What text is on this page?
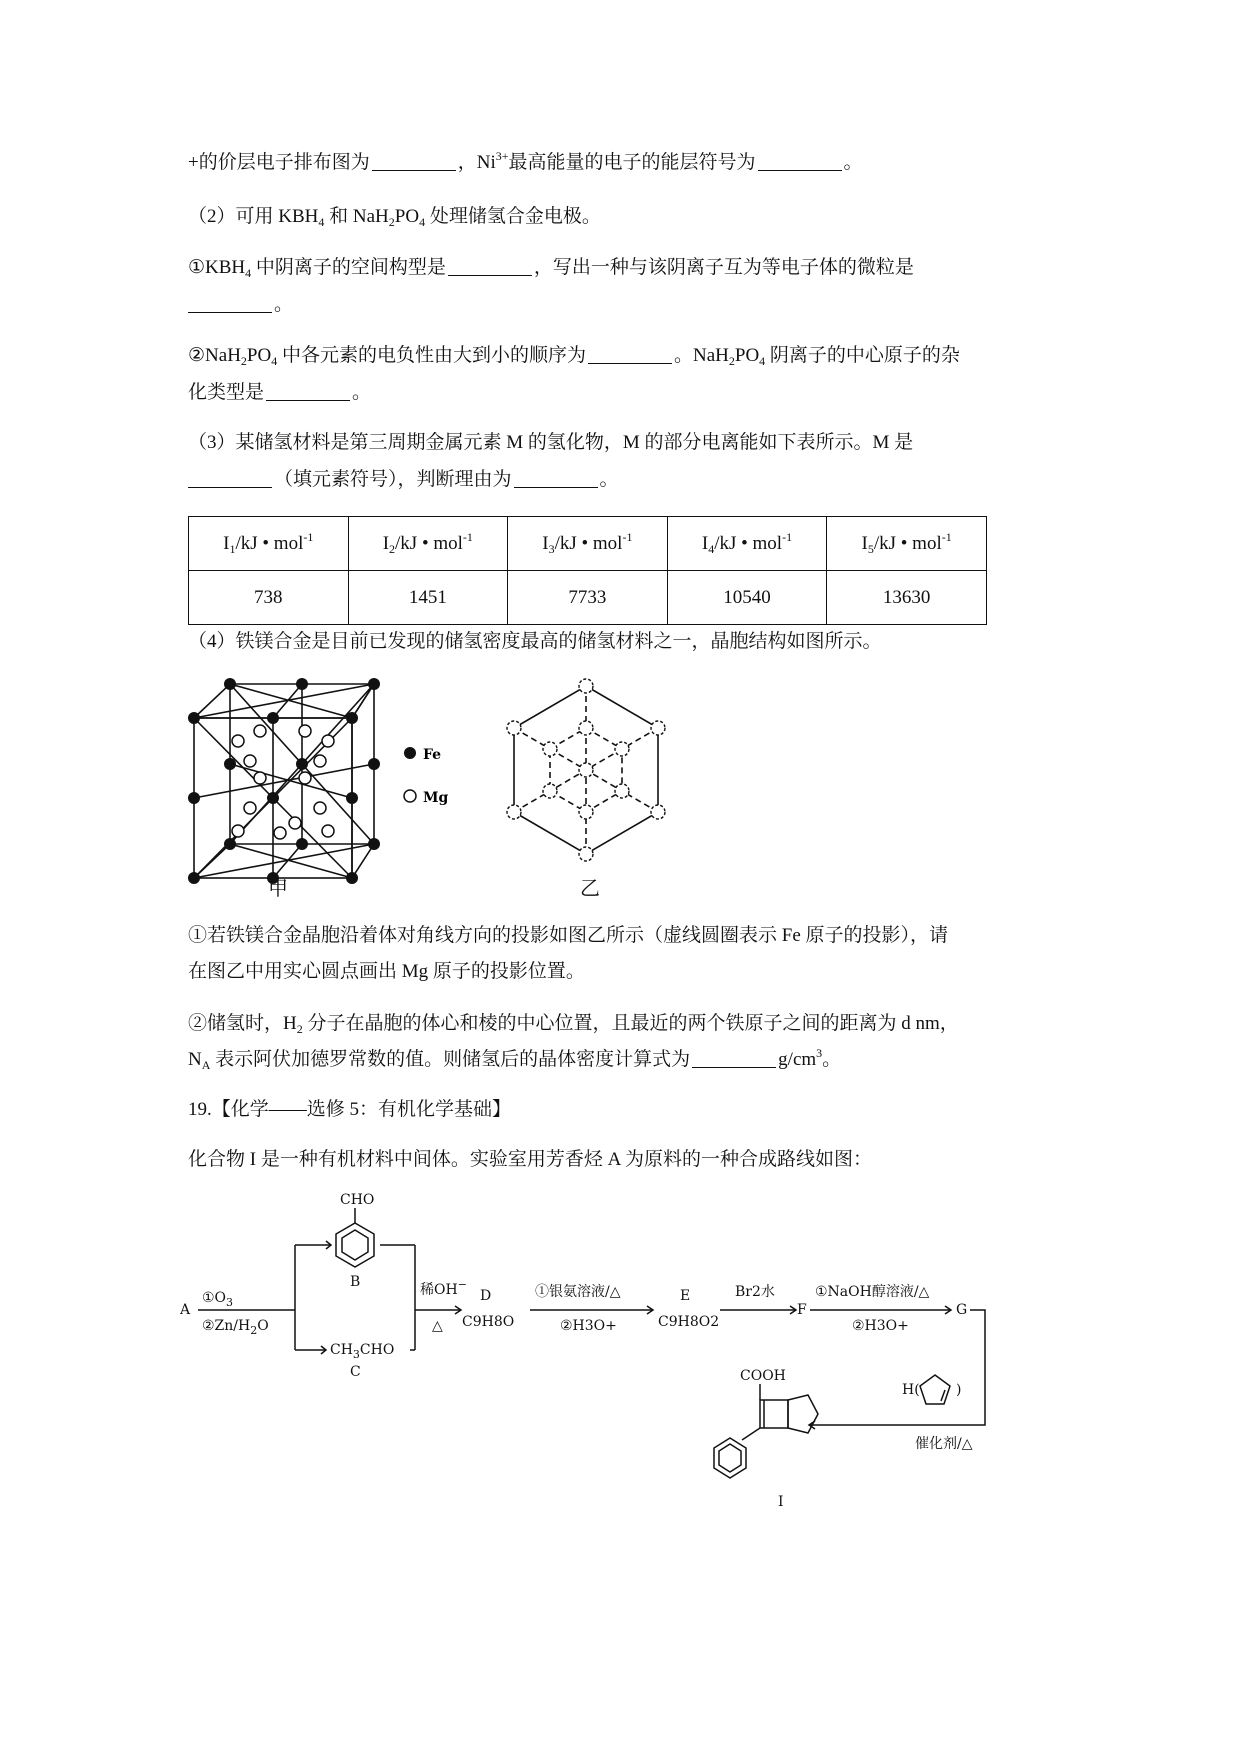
+的价层电子排布图为	，$Ni^{3+}$最高能量的电子的能层符号为	。
（2）可用 $KBH_4$ 和 $NaH_2PO_4$ 处理储氢合金电极。
$①KBH_4$ 中阴离子的空间构型是	，写出一种与该阴离子互为等电子体的微粒是
。
$②NaH_2PO_4$ 中各元素的电负性由大到小的顺序为	。$NaH_2PO_4$ 阴离子的中心原子的杂
化类型是	。
（3）某储氢材料是第三周期金属元素 M 的氢化物，M 的部分电离能如下表所示。M 是
（填元素符号），判断理由为	。
$I_1/kJ$ • mol$^{-1}$	$I_2/kJ$ • mol$^{-1}$	$I_3/kJ$ • mol$^{-1}$	$I_4/kJ$ • mol$^{-1}$	$I_5/kJ$ • mol$^{-1}$
738	1451	7733	10540	13630
（4）铁镁合金是目前已发现的储氢密度最高的储氢材料之一，晶胞结构如图所示。
Fe
Mg
甲	乙
①若铁镁合金晶胞沿着体对角线方向的投影如图乙所示（虚线圆圈表示 Fe 原子的投影），请
在图乙中用实心圆点画出 Mg 原子的投影位置。
②储氢时，$H_2$ 分子在晶胞的体心和棱的中心位置，且最近的两个铁原子之间的距离为 d nm，
$N_A$ 表示阿伏加德罗常数的值。则储氢后的晶体密度计算式为	$g/cm^3$。
19.【化学——选修 5：有机化学基础】
化合物 I 是一种有机材料中间体。实验室用芳香烃 A 为原料的一种合成路线如图：
A
$①O_3$
②Zn/$H_2O$
CHO
B
$CH_3CHO$
C
稀OH−
△
D
C9H8O
①银氨溶液/△
②H3O+
E
C9H8O2
Br2水
F
①NaOH醇溶液/△
②H3O+
G
H(	)
催化剂/△
COOH
I
